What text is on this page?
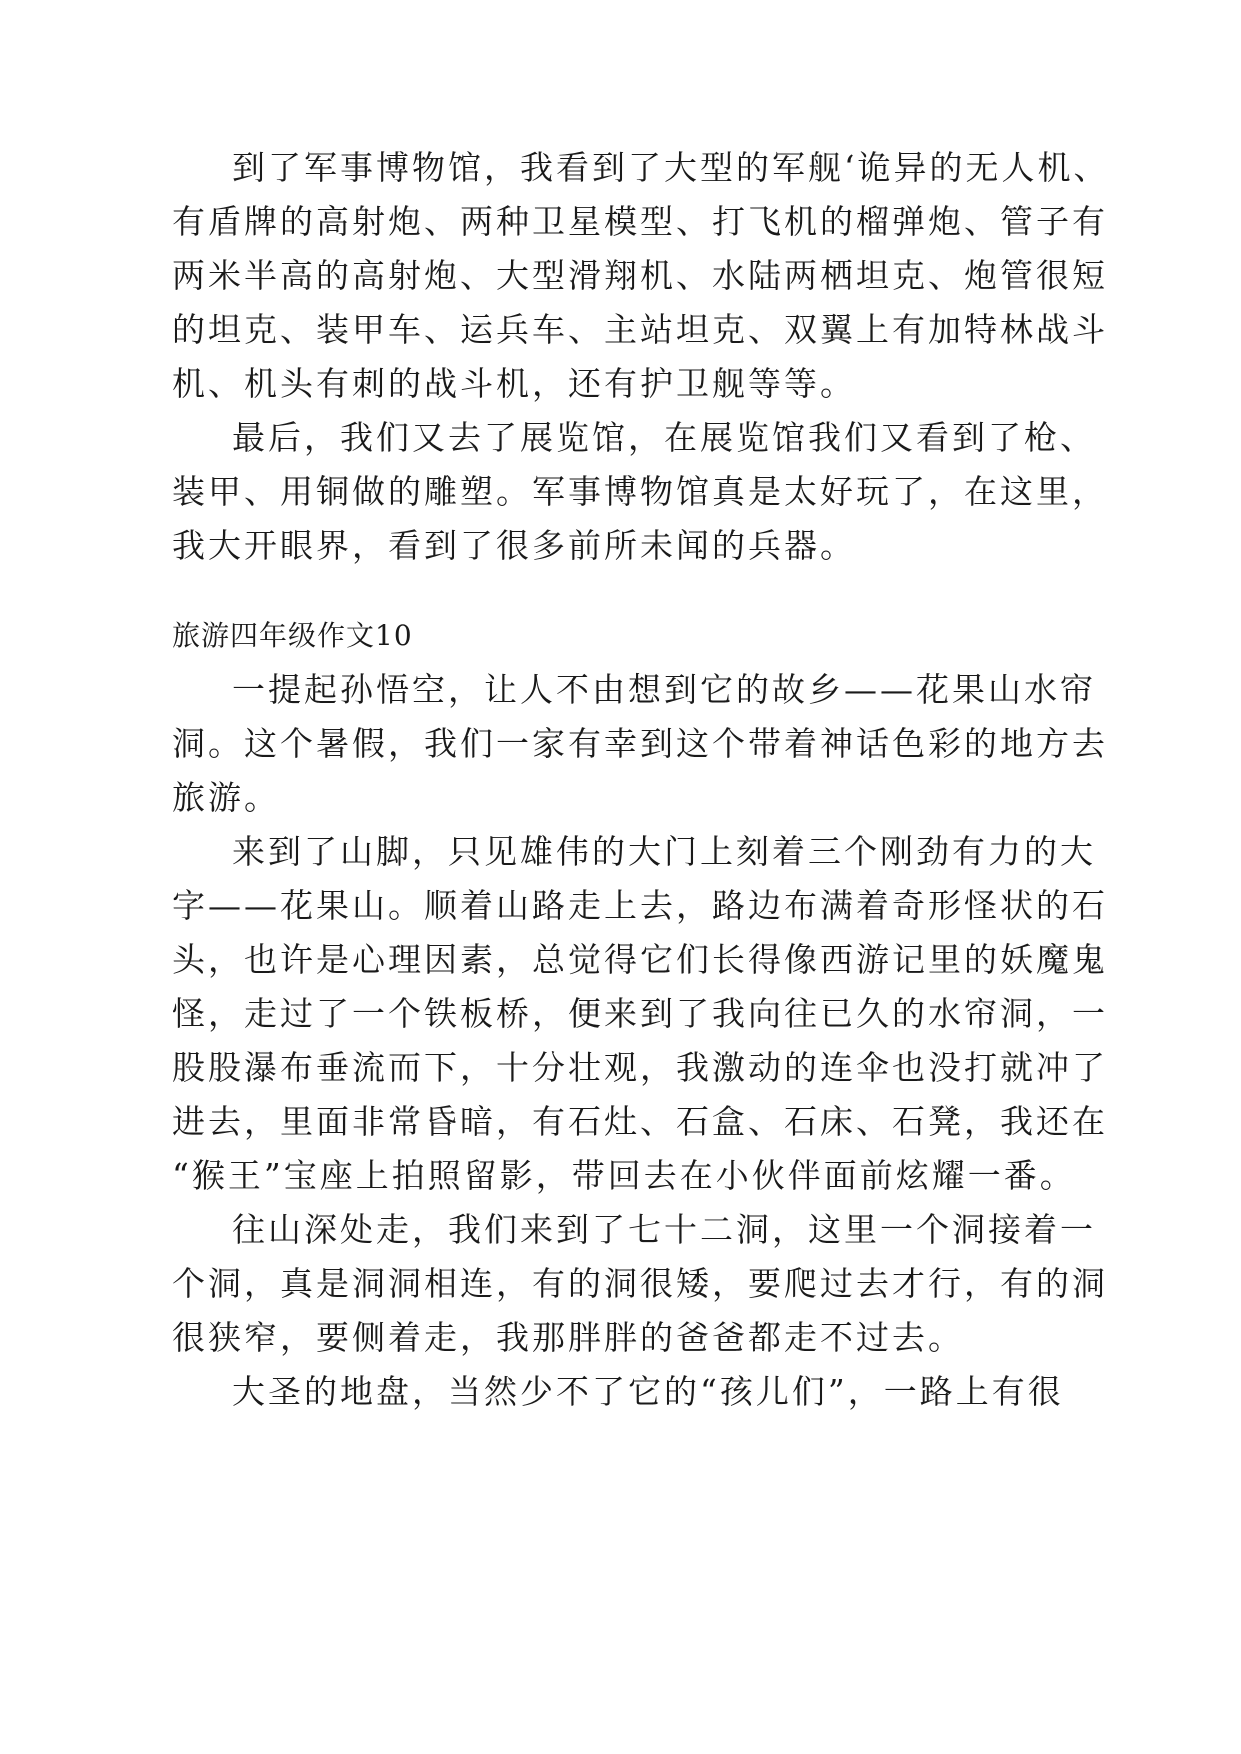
到了军事博物馆，我看到了大型的军舰‘诡异的无人机、
有盾牌的高射炮、两种卫星模型、打飞机的榴弹炮、管子有
两米半高的高射炮、大型滑翔机、水陆两栖坦克、炮管很短
的坦克、装甲车、运兵车、主站坦克、双翼上有加特林战斗
机、机头有刺的战斗机，还有护卫舰等等。
最后，我们又去了展览馆，在展览馆我们又看到了枪、
装甲、用铜做的雕塑。军事博物馆真是太好玩了，在这里，
我大开眼界，看到了很多前所未闻的兵器。
旅游四年级作文10
一提起孙悟空，让人不由想到它的故乡——花果山水帘
洞。这个暑假，我们一家有幸到这个带着神话色彩的地方去
旅游。
来到了山脚，只见雄伟的大门上刻着三个刚劲有力的大
字——花果山。顺着山路走上去，路边布满着奇形怪状的石
头，也许是心理因素，总觉得它们长得像西游记里的妖魔鬼
怪，走过了一个铁板桥，便来到了我向往已久的水帘洞，一
股股瀑布垂流而下，十分壮观，我激动的连伞也没打就冲了
进去，里面非常昏暗，有石灶、石盒、石床、石凳，我还在
“猴王”宝座上拍照留影，带回去在小伙伴面前炫耀一番。
往山深处走，我们来到了七十二洞，这里一个洞接着一
个洞，真是洞洞相连，有的洞很矮，要爬过去才行，有的洞
很狭窄，要侧着走，我那胖胖的爸爸都走不过去。
大圣的地盘，当然少不了它的“孩儿们”，一路上有很
